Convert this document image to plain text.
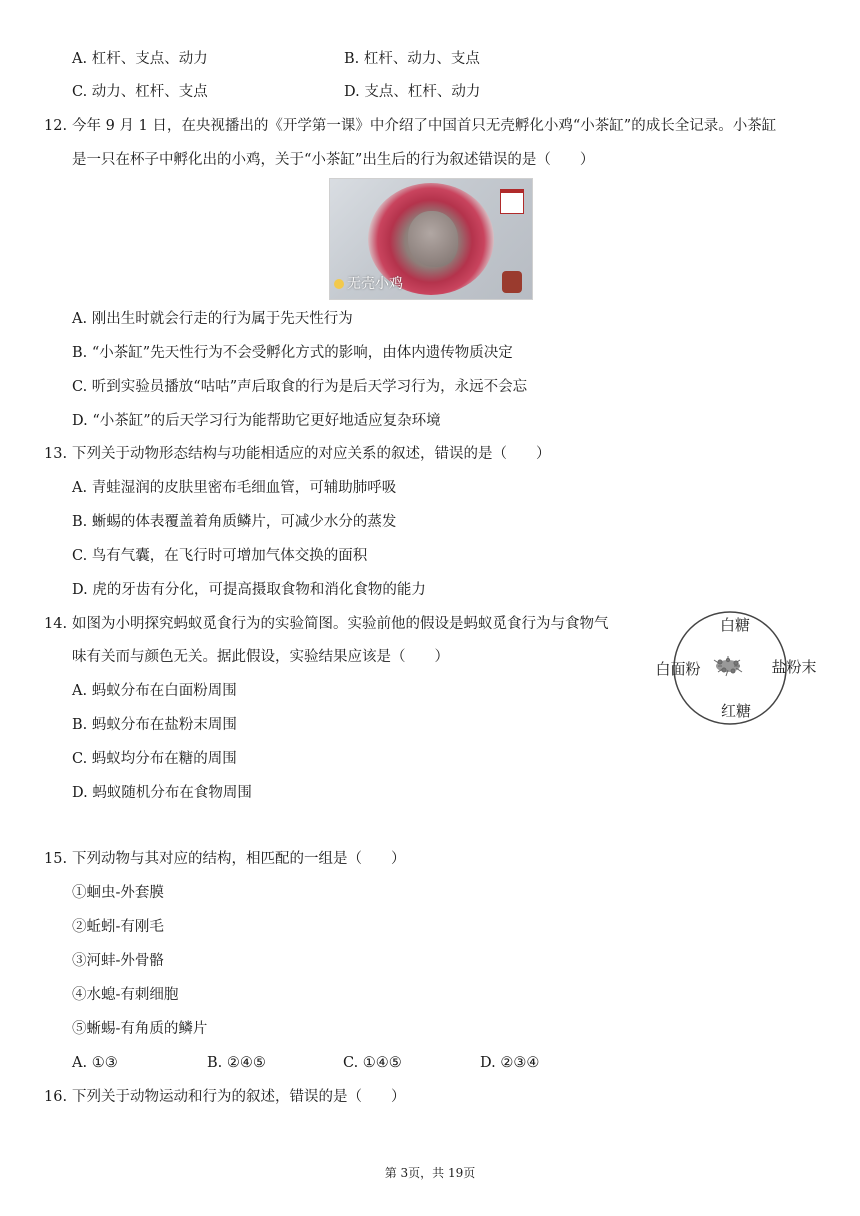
A. 杠杆、支点、动力	B. 杠杆、动力、支点
C. 动力、杠杆、支点	D. 支点、杠杆、动力
12. 今年 9 月 1 日，在央视播出的《开学第一课》中介绍了中国首只无壳孵化小鸡“小茶缸”的成长全记录。小茶缸
是一只在杯子中孵化出的小鸡，关于“小茶缸”出生后的行为叙述错误的是（　　）
无壳小鸡
A. 刚出生时就会行走的行为属于先天性行为
B. “小茶缸”先天性行为不会受孵化方式的影响，由体内遗传物质决定
C. 听到实验员播放“咕咕”声后取食的行为是后天学习行为，永远不会忘
D. “小茶缸”的后天学习行为能帮助它更好地适应复杂环境
13. 下列关于动物形态结构与功能相适应的对应关系的叙述，错误的是（　　）
A. 青蛙湿润的皮肤里密布毛细血管，可辅助肺呼吸
B. 蜥蜴的体表覆盖着角质鳞片，可减少水分的蒸发
C. 鸟有气囊，在飞行时可增加气体交换的面积
D. 虎的牙齿有分化，可提高摄取食物和消化食物的能力
14. 如图为小明探究蚂蚁觅食行为的实验简图。实验前他的假设是蚂蚁觅食行为与食物气
味有关而与颜色无关。据此假设，实验结果应该是（　　）
A. 蚂蚁分布在白面粉周围
B. 蚂蚁分布在盐粉末周围
C. 蚂蚁均分布在糖的周围
D. 蚂蚁随机分布在食物周围
白糖
白面粉	盐粉末
红糖
15. 下列动物与其对应的结构，相匹配的一组是（　　）
①蛔虫-外套膜
②蚯蚓-有刚毛
③河蚌-外骨骼
④水螅-有刺细胞
⑤蜥蜴-有角质的鳞片
A. ①③	B. ②④⑤	C. ①④⑤	D. ②③④
16. 下列关于动物运动和行为的叙述，错误的是（　　）
第 3页，共 19页
